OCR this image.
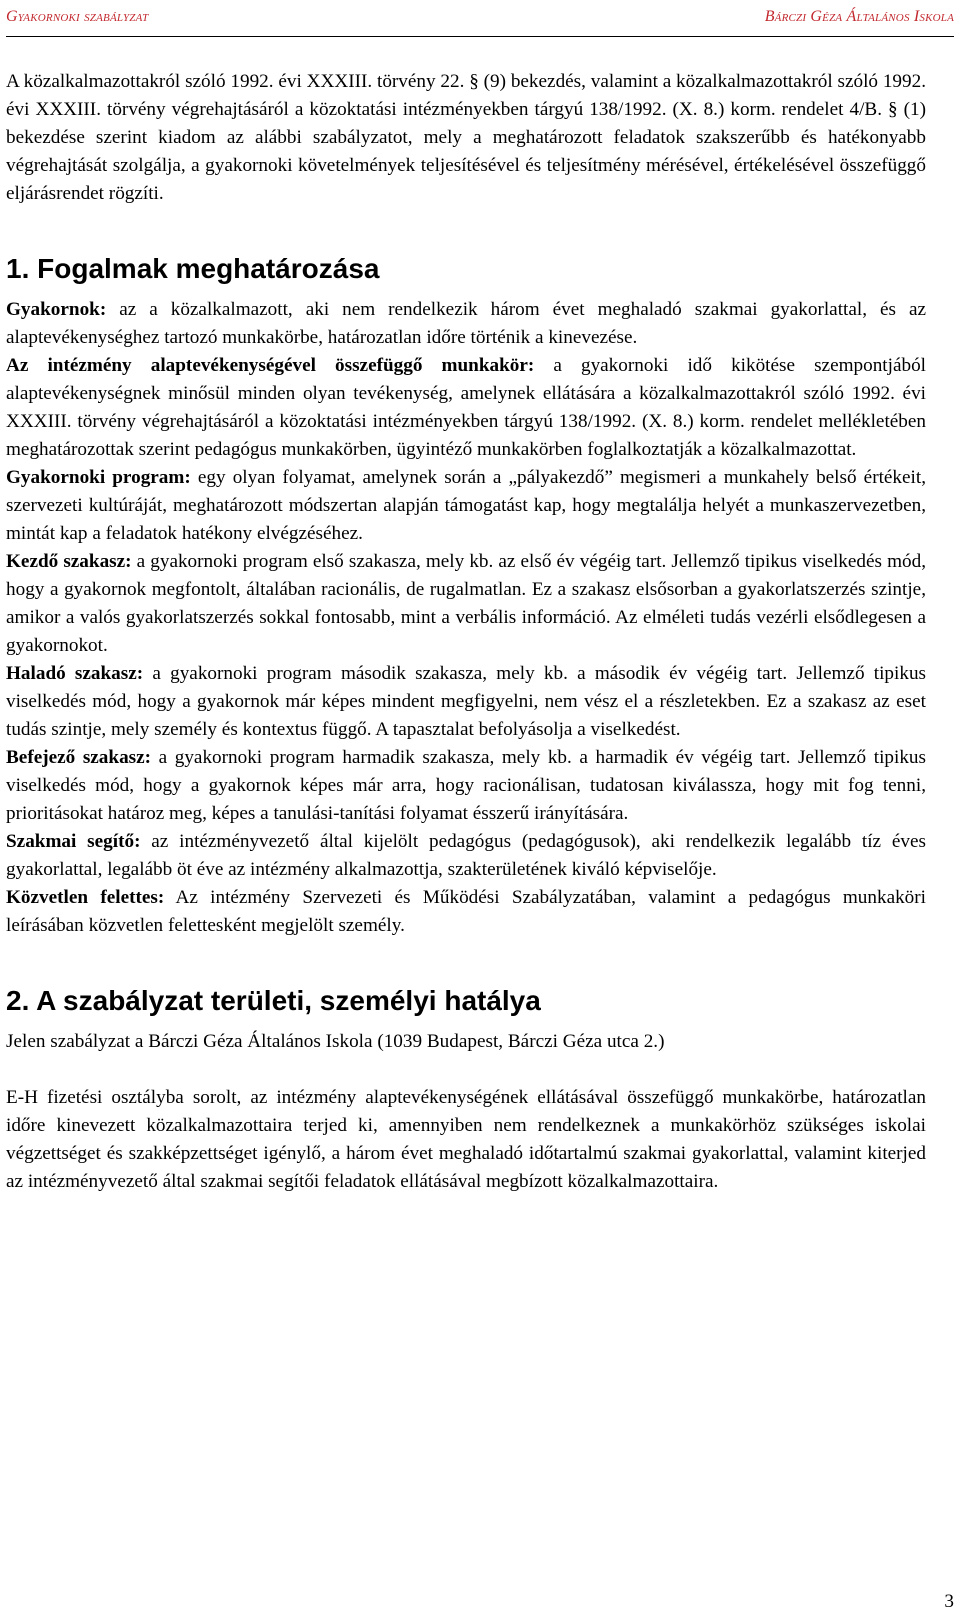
Gyakornoki szabályzat	Bárczi Géza Általános Iskola

A közalkalmazottakról szóló 1992. évi XXXIII. törvény 22. § (9) bekezdés, valamint a közalkalmazottakról szóló 1992. évi XXXIII. törvény végrehajtásáról a közoktatási intézményekben tárgyú 138/1992. (X. 8.) korm. rendelet 4/B. § (1) bekezdése szerint kiadom az alábbi szabályzatot, mely a meghatározott feladatok szakszerűbb és hatékonyabb végrehajtását szolgálja, a gyakornoki követelmények teljesítésével és teljesítmény mérésével, értékelésével összefüggő eljárásrendet rögzíti.

1. Fogalmak meghatározása

Gyakornok: az a közalkalmazott, aki nem rendelkezik három évet meghaladó szakmai gyakorlattal, és az alaptevékenységhez tartozó munkakörbe, határozatlan időre történik a kinevezése.

Az intézmény alaptevékenységével összefüggő munkakör: a gyakornoki idő kikötése szempontjából alaptevékenységnek minősül minden olyan tevékenység, amelynek ellátására a közalkalmazottakról szóló 1992. évi XXXIII. törvény végrehajtásáról a közoktatási intézményekben tárgyú 138/1992. (X. 8.) korm. rendelet mellékletében meghatározottak szerint pedagógus munkakörben, ügyintéző munkakörben foglalkoztatják a közalkalmazottat.

Gyakornoki program: egy olyan folyamat, amelynek során a „pályakezdő” megismeri a munkahely belső értékeit, szervezeti kultúráját, meghatározott módszertan alapján támogatást kap, hogy megtalálja helyét a munkaszervezetben, mintát kap a feladatok hatékony elvégzéséhez.

Kezdő szakasz: a gyakornoki program első szakasza, mely kb. az első év végéig tart. Jellemző tipikus viselkedés mód, hogy a gyakornok megfontolt, általában racionális, de rugalmatlan. Ez a szakasz elsősorban a gyakorlatszerzés szintje, amikor a valós gyakorlatszerzés sokkal fontosabb, mint a verbális információ. Az elméleti tudás vezérli elsődlegesen a gyakornokot.

Haladó szakasz: a gyakornoki program második szakasza, mely kb. a második év végéig tart. Jellemző tipikus viselkedés mód, hogy a gyakornok már képes mindent megfigyelni, nem vész el a részletekben. Ez a szakasz az eset tudás szintje, mely személy és kontextus függő. A tapasztalat befolyásolja a viselkedést.

Befejező szakasz: a gyakornoki program harmadik szakasza, mely kb. a harmadik év végéig tart. Jellemző tipikus viselkedés mód, hogy a gyakornok képes már arra, hogy racionálisan, tudatosan kiválassza, hogy mit fog tenni, prioritásokat határoz meg, képes a tanulási-tanítási folyamat ésszerű irányítására.

Szakmai segítő: az intézményvezető által kijelölt pedagógus (pedagógusok), aki rendelkezik legalább tíz éves gyakorlattal, legalább öt éve az intézmény alkalmazottja, szakterületének kiváló képviselője.

Közvetlen felettes: Az intézmény Szervezeti és Működési Szabályzatában, valamint a pedagógus munkaköri leírásában közvetlen felettesként megjelölt személy.

2. A szabályzat területi, személyi hatálya

Jelen szabályzat a Bárczi Géza Általános Iskola (1039 Budapest, Bárczi Géza utca 2.)

E-H fizetési osztályba sorolt, az intézmény alaptevékenységének ellátásával összefüggő munkakörbe, határozatlan időre kinevezett közalkalmazottaira terjed ki, amennyiben nem rendelkeznek a munkakörhöz szükséges iskolai végzettséget és szakképzettséget igénylő, a három évet meghaladó időtartalmú szakmai gyakorlattal, valamint kiterjed az intézményvezető által szakmai segítői feladatok ellátásával megbízott közalkalmazottaira.

3
